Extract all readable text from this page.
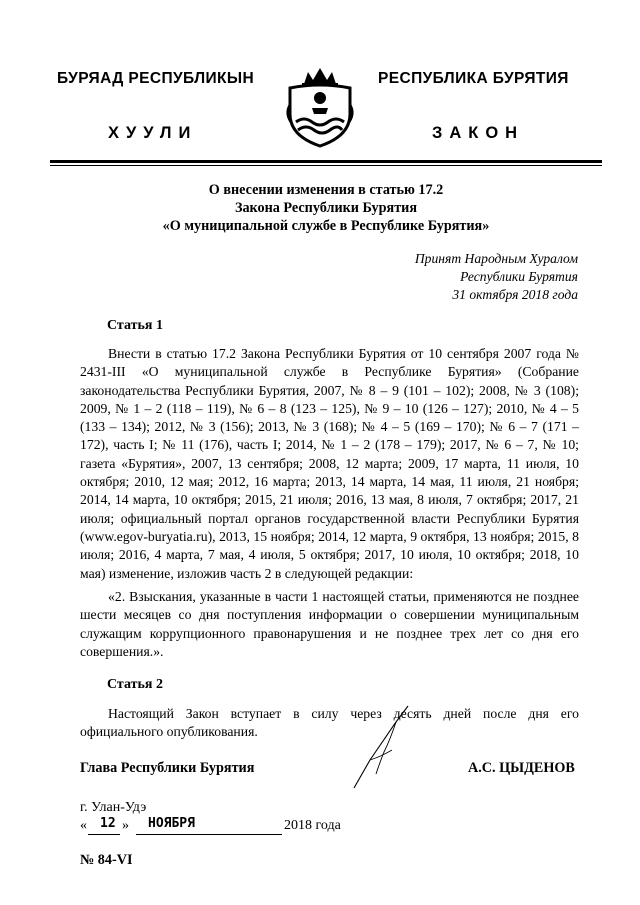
БУРЯАД РЕСПУБЛИКЫН	РЕСПУБЛИКА БУРЯТИЯ
ХУУЛИ	ЗАКОН
О внесении изменения в статью 17.2
Закона Республики Бурятия
«О муниципальной службе в Республике Бурятия»
Принят Народным Хуралом
Республики Бурятия
31 октября 2018 года
Статья 1
Внести в статью 17.2 Закона Республики Бурятия от 10 сентября 2007 года № 2431-III «О муниципальной службе в Республике Бурятия» (Собрание законодательства Республики Бурятия, 2007, № 8 – 9 (101 – 102); 2008, № 3 (108); 2009, № 1 – 2 (118 – 119), № 6 – 8 (123 – 125), № 9 – 10 (126 – 127); 2010, № 4 – 5 (133 – 134); 2012, № 3 (156); 2013, № 3 (168); № 4 – 5 (169 – 170); № 6 – 7 (171 – 172), часть I; № 11 (176), часть I; 2014, № 1 – 2 (178 – 179); 2017, № 6 – 7, № 10; газета «Бурятия», 2007, 13 сентября; 2008, 12 марта; 2009, 17 марта, 11 июля, 10 октября; 2010, 12 мая; 2012, 16 марта; 2013, 14 марта, 14 мая, 11 июля, 21 ноября; 2014, 14 марта, 10 октября; 2015, 21 июля; 2016, 13 мая, 8 июля, 7 октября; 2017, 21 июля; официальный портал органов государственной власти Республики Бурятия (www.egov-buryatia.ru), 2013, 15 ноября; 2014, 12 марта, 9 октября, 13 ноября; 2015, 8 июля; 2016, 4 марта, 7 мая, 4 июля, 5 октября; 2017, 10 июля, 10 октября; 2018, 10 мая) изменение, изложив часть 2 в следующей редакции:
«2. Взыскания, указанные в части 1 настоящей статьи, применяются не позднее шести месяцев со дня поступления информации о совершении муниципальным служащим коррупционного правонарушения и не позднее трех лет со дня его совершения.».
Статья 2
Настоящий Закон вступает в силу через десять дней после дня его официального опубликования.
Глава Республики Бурятия	А.С. ЦЫДЕНОВ
г. Улан-Удэ
« 12 » НОЯБРЯ	2018 года
№ 84-VI
